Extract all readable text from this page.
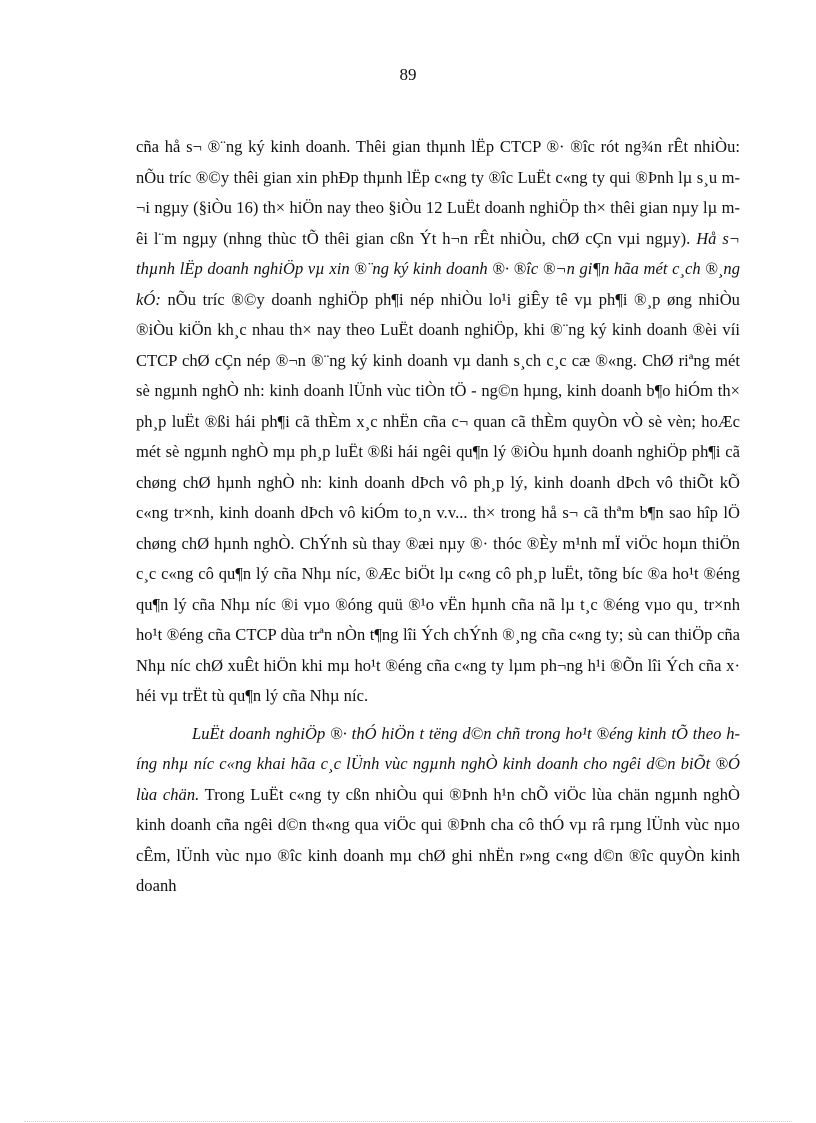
89

cña hå s¬ ®¨ng ký kinh doanh. Thêi gian thµnh lËp CTCP ®· ®îc rót ng¾n rÊt nhiÒu: nÕu tríc ®©y thêi gian xin phÐp thµnh lËp c«ng ty ®îc LuËt c«ng ty qui ®Þnh lµ s¸u m¬i ngµy (§iÒu 16) th× hiÖn nay theo §iÒu 12 LuËt doanh nghiÖp th× thêi gian nµy lµ mêi l¨m ngµy (nhng thùc tÕ thêi gian cßn Ýt h¬n rÊt nhiÒu, chØ cÇn vµi ngµy). Hå s¬ thµnh lËp doanh nghiÖp vµ xin ®¨ng ký kinh doanh ®· ®îc ®¬n gi¶n hãa mét c¸ch ®¸ng kÓ: nÕu tríc ®©y doanh nghiÖp ph¶i nép nhiÒu lo¹i giÊy tê vµ ph¶i ®¸p øng nhiÒu ®iÒu kiÖn kh¸c nhau th× nay theo LuËt doanh nghiÖp, khi ®¨ng ký kinh doanh ®èi víi CTCP chØ cÇn nép ®¬n ®¨ng ký kinh doanh vµ danh s¸ch c¸c cæ ®«ng. ChØ riªng mét sè ngµnh nghÒ nh: kinh doanh lÜnh vùc tiÒn tÖ - ng©n hµng, kinh doanh b¶o hiÓm th× ph¸p luËt ®ßi hái ph¶i cã thÈm x¸c nhËn cña c¬ quan cã thÈm quyÒn vÒ sè vèn; hoÆc mét sè ngµnh nghÒ mµ ph¸p luËt ®ßi hái ngêi qu¶n lý ®iÒu hµnh doanh nghiÖp ph¶i cã chøng chØ hµnh nghÒ nh: kinh doanh dÞch vô ph¸p lý, kinh doanh dÞch vô thiÕt kÕ c«ng tr×nh, kinh doanh dÞch vô kiÓm to¸n v.v... th× trong hå s¬ cã thªm b¶n sao hîp lÖ chøng chØ hµnh nghÒ. ChÝnh sù thay ®æi nµy ®· thóc ®Èy m¹nh mÏ viÖc hoµn thiÖn c¸c c«ng cô qu¶n lý cña Nhµ níc, ®Æc biÖt lµ c«ng cô ph¸p luËt, tõng bíc ®a ho¹t ®éng qu¶n lý cña Nhµ níc ®i vµo ®óng quü ®¹o vËn hµnh cña nã lµ t¸c ®éng vµo qu¸ tr×nh ho¹t ®éng cña CTCP dùa trªn nÒn t¶ng lîi Ých chÝnh ®¸ng cña c«ng ty; sù can thiÖp cña Nhµ níc chØ xuÊt hiÖn khi mµ ho¹t ®éng cña c«ng ty lµm ph¬ng h¹i ®Õn lîi Ých cña x· héi vµ trËt tù qu¶n lý cña Nhµ níc.

LuËt doanh nghiÖp ®· thÓ hiÖn t tëng d©n chñ trong ho¹t ®éng kinh tÕ theo híng nhµ níc c«ng khai hãa c¸c lÜnh vùc ngµnh nghÒ kinh doanh cho ngêi d©n biÕt ®Ó lùa chän. Trong LuËt c«ng ty cßn nhiÒu qui ®Þnh h¹n chÕ viÖc lùa chän ngµnh nghÒ kinh doanh cña ngêi d©n th«ng qua viÖc qui ®Þnh cha cô thÓ vµ râ rµng lÜnh vùc nµo cÊm, lÜnh vùc nµo ®îc kinh doanh mµ chØ ghi nhËn r»ng c«ng d©n ®îc quyÒn kinh doanh
